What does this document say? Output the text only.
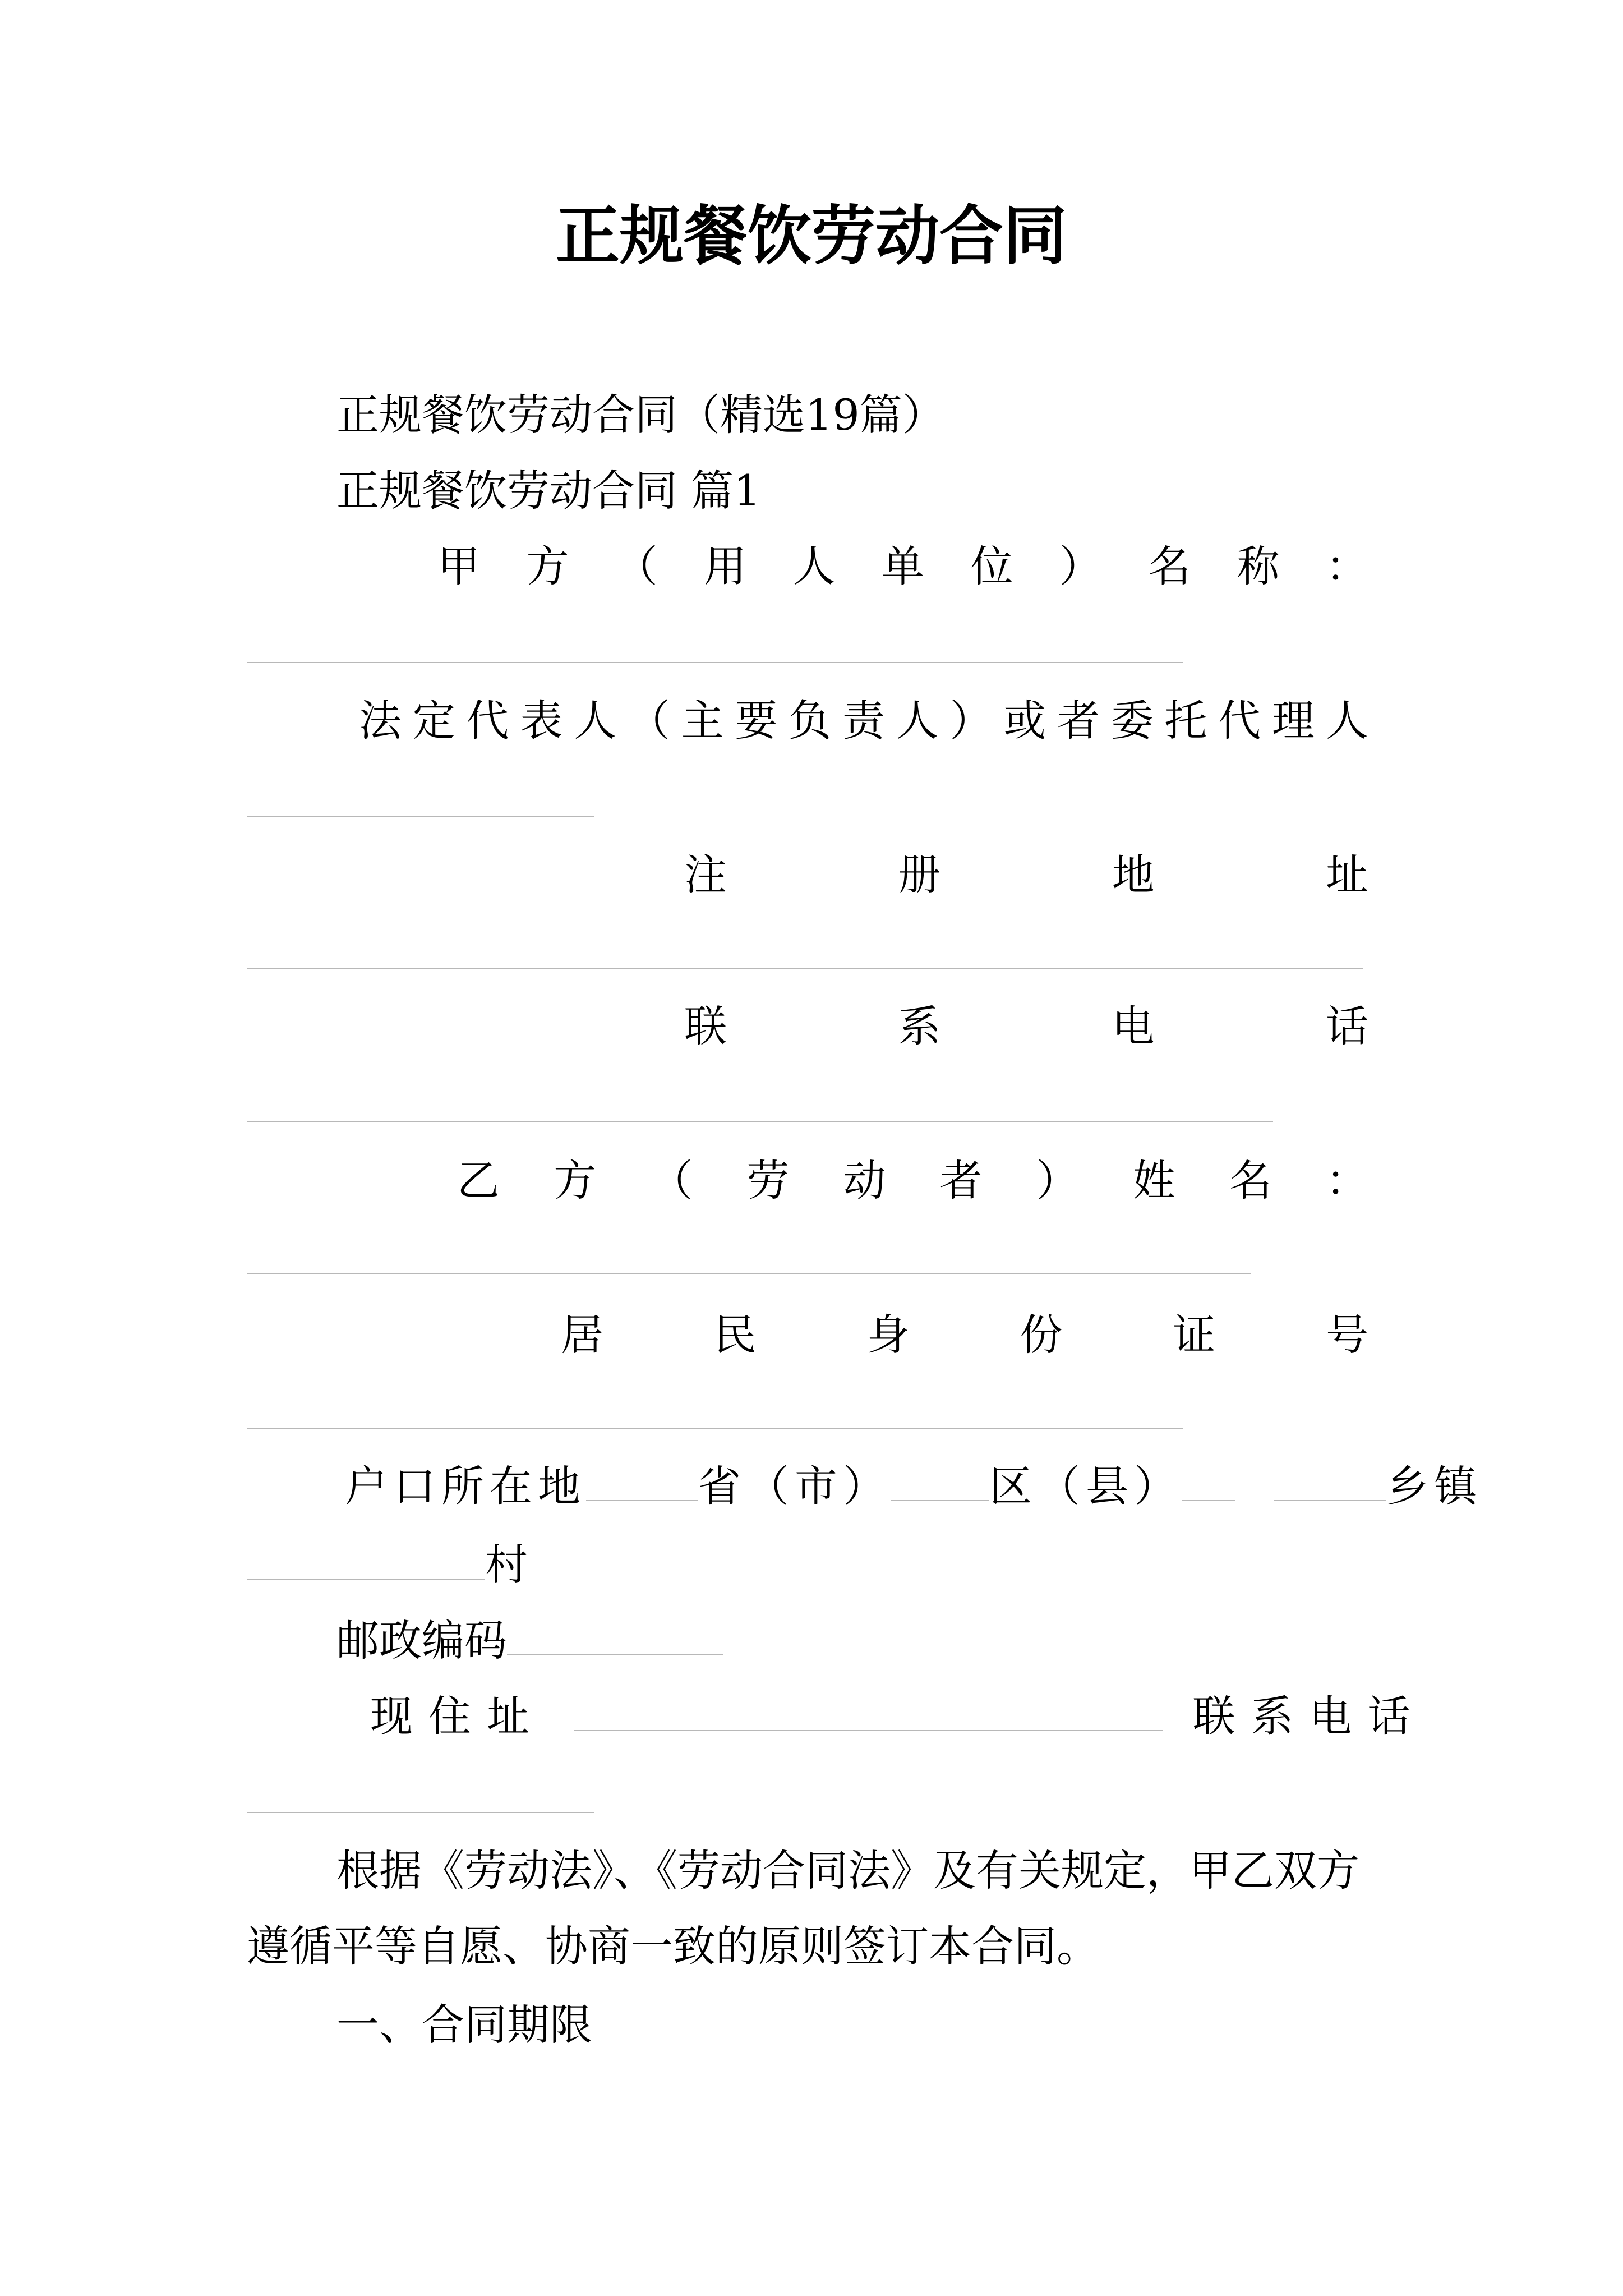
正规餐饮劳动合同
正规餐饮劳动合同（精选19篇）
正规餐饮劳动合同 篇1
甲 方 （ 用 人 单 位 ） 名 称 ：
法 定 代 表 人 （ 主 要 负 责 人 ） 或 者 委 托 代 理 人
注	册	地	址
联	系	电	话
乙 方 （ 劳 动 者 ） 姓 名 ：
居	民	身	份	证	号
户口所在地	省（市） 区（县）	乡镇
村
邮政编码
现住址	联系电话
根据《劳动法》、《劳动合同法》及有关规定，甲乙双方
遵循平等自愿、协商一致的原则签订本合同。
一、合同期限
